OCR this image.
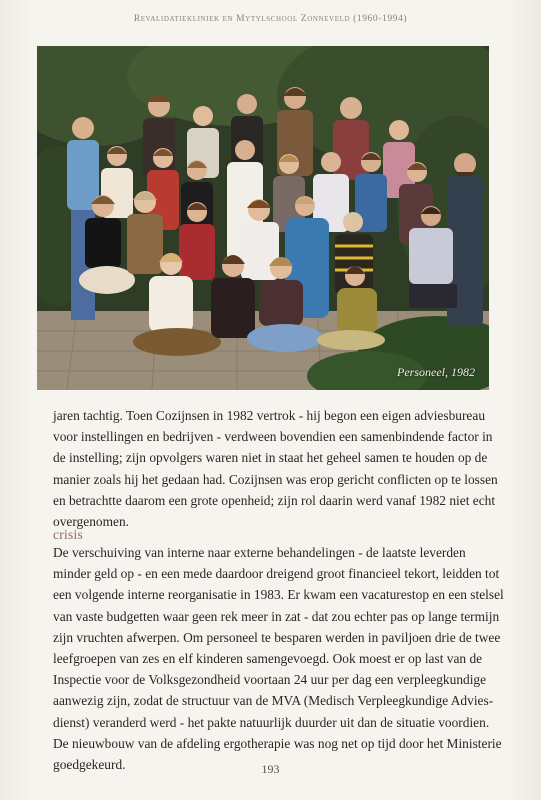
Revalidatiekliniek en Mytylschool Zonneveld (1960-1994)
Personeel, 1982
jaren tachtig. Toen Cozijnsen in 1982 vertrok - hij begon een eigen adviesbureau
voor instellingen en bedrijven - verdween bovendien een samenbindende factor in
de instelling; zijn opvolgers waren niet in staat het geheel samen te houden op de
manier zoals hij het gedaan had. Cozijnsen was erop gericht conflicten op te lossen
en betrachtte daarom een grote openheid; zijn rol daarin werd vanaf 1982 niet echt
overgenomen.
crisis
De verschuiving van interne naar externe behandelingen - de laatste leverden
minder geld op - en een mede daardoor dreigend groot financieel tekort, leidden tot
een volgende interne reorganisatie in 1983. Er kwam een vacaturestop en een stelsel
van vaste budgetten waar geen rek meer in zat - dat zou echter pas op lange termijn
zijn vruchten afwerpen. Om personeel te besparen werden in paviljoen drie de twee
leefgroepen van zes en elf kinderen samengevoegd. Ook moest er op last van de
Inspectie voor de Volksgezondheid voortaan 24 uur per dag een verpleegkundige
aanwezig zijn, zodat de structuur van de MVA (Medisch Verpleegkundige Advies-
dienst) veranderd werd - het pakte natuurlijk duurder uit dan de situatie voordien.
De nieuwbouw van de afdeling ergotherapie was nog net op tijd door het Ministerie
goedgekeurd.	193
